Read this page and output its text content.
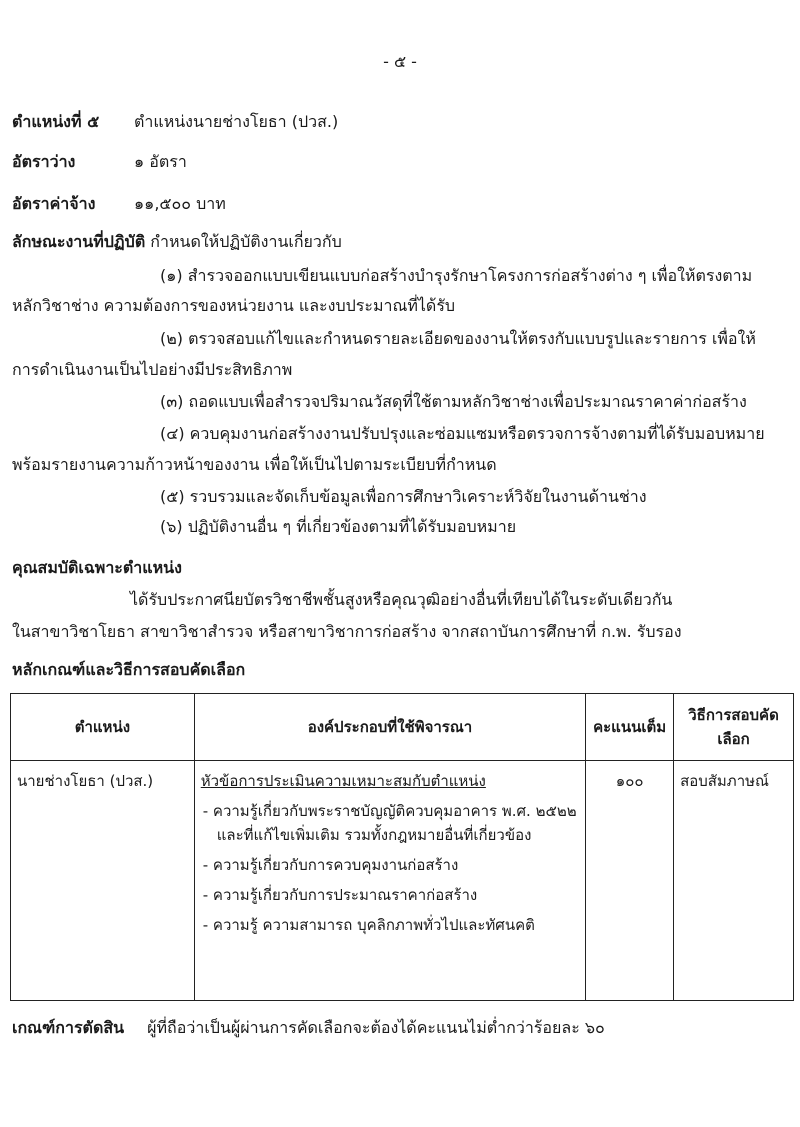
- ๕ -
ตำแหน่งที่ ๕ ตำแหน่งนายช่างโยธา (ปวส.)
อัตราว่าง	๑ อัตรา
อัตราค่าจ้าง ๑๑,๕๐๐ บาท
ลักษณะงานที่ปฏิบัติ กำหนดให้ปฏิบัติงานเกี่ยวกับ
(๑) สำรวจออกแบบเขียนแบบก่อสร้างบำรุงรักษาโครงการก่อสร้างต่าง ๆ เพื่อให้ตรงตาม
หลักวิชาช่าง ความต้องการของหน่วยงาน และงบประมาณที่ได้รับ
(๒) ตรวจสอบแก้ไขและกำหนดรายละเอียดของงานให้ตรงกับแบบรูปและรายการ เพื่อให้
การดำเนินงานเป็นไปอย่างมีประสิทธิภาพ
(๓) ถอดแบบเพื่อสำรวจปริมาณวัสดุที่ใช้ตามหลักวิชาช่างเพื่อประมาณราคาค่าก่อสร้าง
(๔) ควบคุมงานก่อสร้างงานปรับปรุงและซ่อมแซมหรือตรวจการจ้างตามที่ได้รับมอบหมาย
พร้อมรายงานความก้าวหน้าของงาน เพื่อให้เป็นไปตามระเบียบที่กำหนด
(๕) รวบรวมและจัดเก็บข้อมูลเพื่อการศึกษาวิเคราะห์วิจัยในงานด้านช่าง
(๖) ปฏิบัติงานอื่น ๆ ที่เกี่ยวข้องตามที่ได้รับมอบหมาย
คุณสมบัติเฉพาะตำแหน่ง
ได้รับประกาศนียบัตรวิชาชีพชั้นสูงหรือคุณวุฒิอย่างอื่นที่เทียบได้ในระดับเดียวกัน
ในสาขาวิชาโยธา สาขาวิชาสำรวจ หรือสาขาวิชาการก่อสร้าง จากสถาบันการศึกษาที่ ก.พ. รับรอง
หลักเกณฑ์และวิธีการสอบคัดเลือก
ตำแหน่ง	องค์ประกอบที่ใช้พิจารณา	คะแนนเต็ม	วิธีการสอบคัดเลือก
นายช่างโยธา (ปวส.)	หัวข้อการประเมินความเหมาะสมกับตำแหน่ง
- ความรู้เกี่ยวกับพระราชบัญญัติควบคุมอาคาร พ.ศ. ๒๕๒๒ และที่แก้ไขเพิ่มเติม รวมทั้งกฎหมายอื่นที่เกี่ยวข้อง
- ความรู้เกี่ยวกับการควบคุมงานก่อสร้าง
- ความรู้เกี่ยวกับการประมาณราคาก่อสร้าง
- ความรู้ ความสามารถ บุคลิกภาพทั่วไปและทัศนคติ	๑๐๐	สอบสัมภาษณ์
เกณฑ์การตัดสิน ผู้ที่ถือว่าเป็นผู้ผ่านการคัดเลือกจะต้องได้คะแนนไม่ต่ำกว่าร้อยละ ๖๐
